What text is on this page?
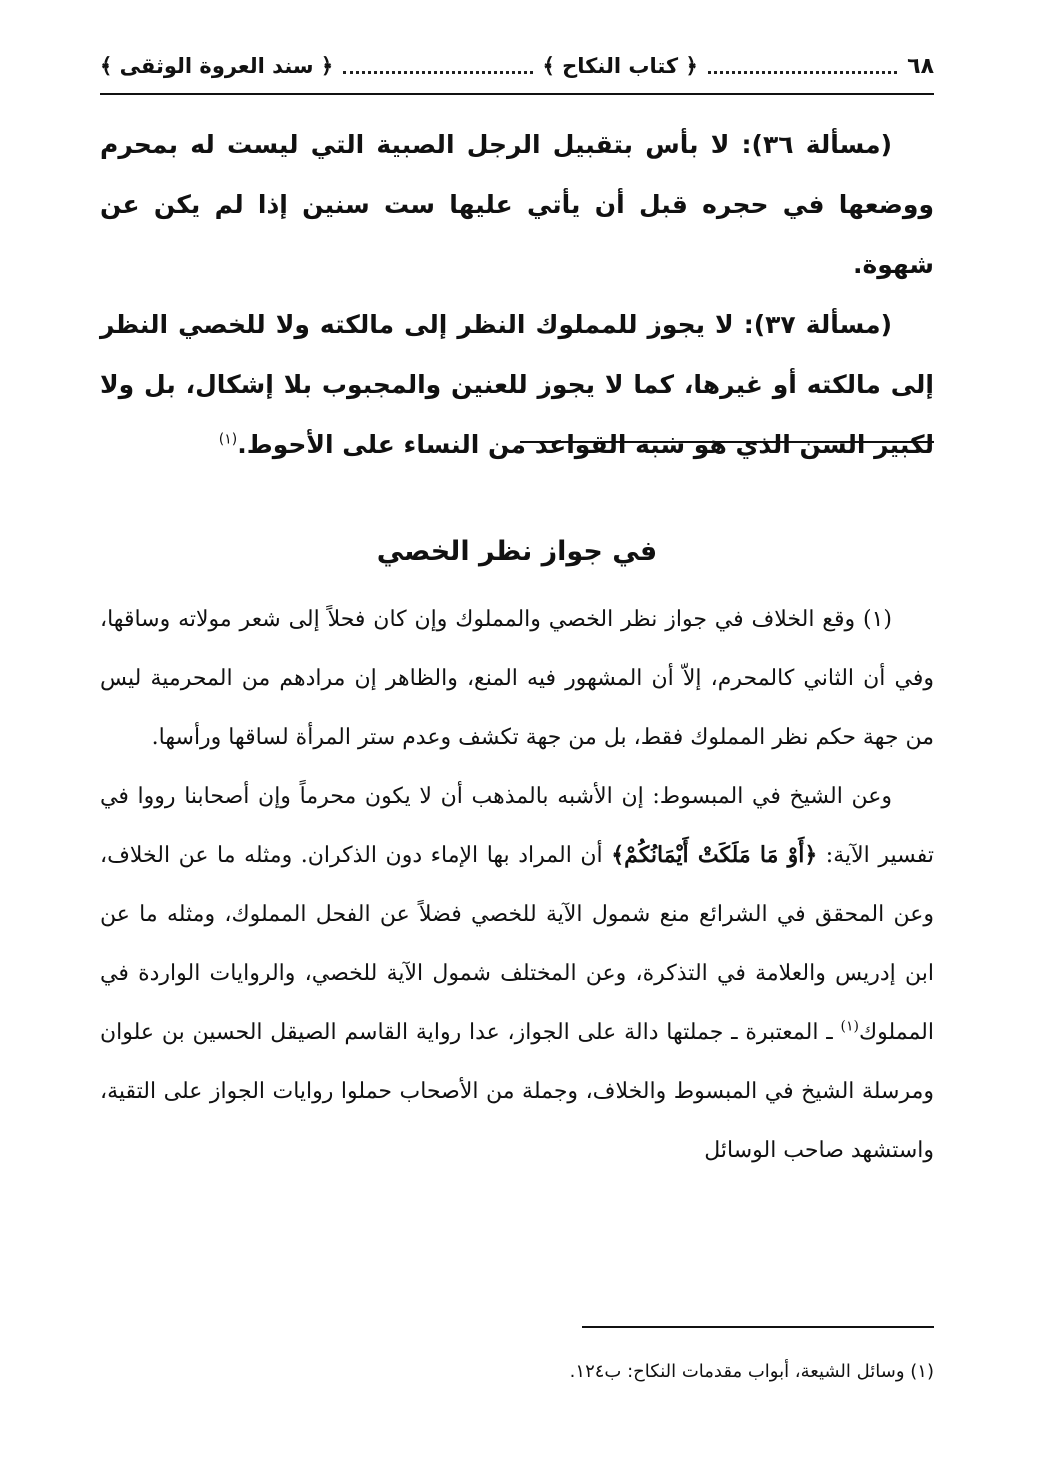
٦٨
﴿ كتاب النكاح ﴾
﴿ سند العروة الوثقى ﴾

(مسألة ٣٦): لا بأس بتقبيل الرجل الصبية التي ليست له بمحرم ووضعها في حجره قبل أن يأتي عليها ست سنين إذا لم يكن عن شهوة.

(مسألة ٣٧): لا يجوز للمملوك النظر إلى مالكته ولا للخصي النظر إلى مالكته أو غيرها، كما لا يجوز للعنين والمجبوب بلا إشكال، بل ولا لكبير السن الذي هو شبه القواعد من النساء على الأحوط.$^{(١)}$

في جواز نظر الخصي

(١) وقع الخلاف في جواز نظر الخصي والمملوك وإن كان فحلاً إلى شعر مولاته وساقها، وفي أن الثاني كالمحرم، إلاّ أن المشهور فيه المنع، والظاهر إن مرادهم من المحرمية ليس من جهة حكم نظر المملوك فقط، بل من جهة تكشف وعدم ستر المرأة لساقها ورأسها.

وعن الشيخ في المبسوط: إن الأشبه بالمذهب أن لا يكون محرماً وإن أصحابنا رووا في تفسير الآية: ﴿أَوْ مَا مَلَكَتْ أَيْمَانُكُمْ﴾ أن المراد بها الإماء دون الذكران. ومثله ما عن الخلاف، وعن المحقق في الشرائع منع شمول الآية للخصي فضلاً عن الفحل المملوك، ومثله ما عن ابن إدريس والعلامة في التذكرة، وعن المختلف شمول الآية للخصي، والروايات الواردة في المملوك$^{(١)}$ ـ المعتبرة ـ جملتها دالة على الجواز، عدا رواية القاسم الصيقل الحسين بن علوان ومرسلة الشيخ في المبسوط والخلاف، وجملة من الأصحاب حملوا روايات الجواز على التقية، واستشهد صاحب الوسائل

(١) وسائل الشيعة، أبواب مقدمات النكاح: ب١٢٤.
